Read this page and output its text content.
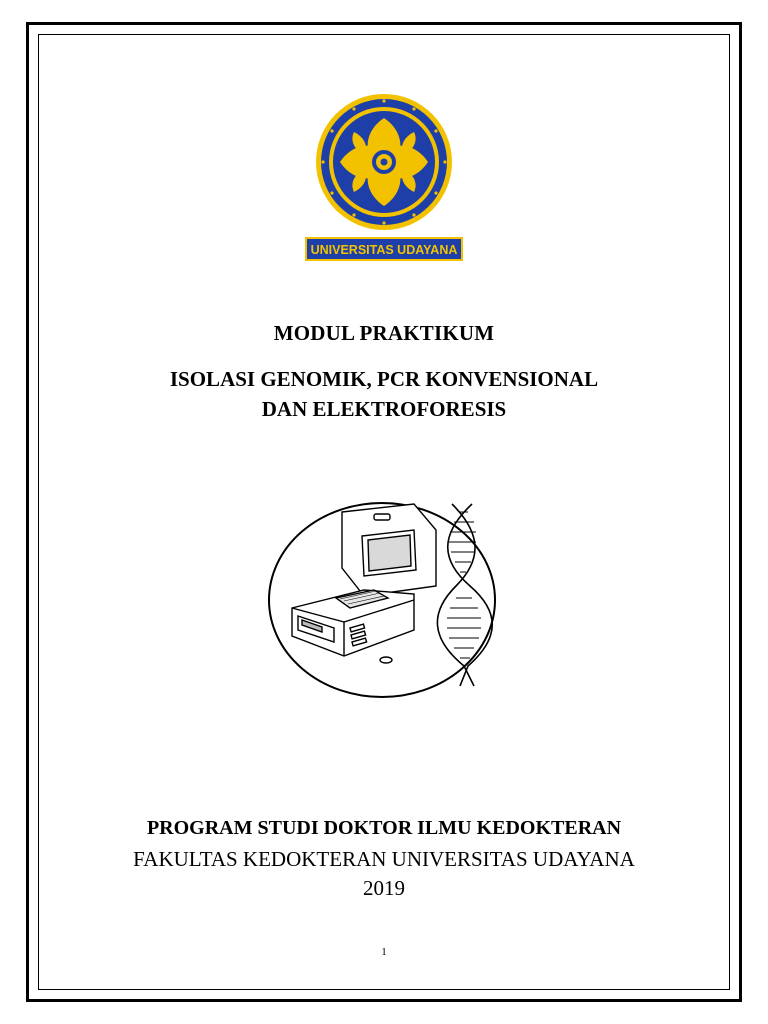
UNIVERSITAS UDAYANA
MODUL PRAKTIKUM
ISOLASI GENOMIK, PCR KONVENSIONAL
DAN ELEKTROFORESIS
PROGRAM STUDI DOKTOR ILMU KEDOKTERAN
FAKULTAS KEDOKTERAN UNIVERSITAS UDAYANA
2019
1
